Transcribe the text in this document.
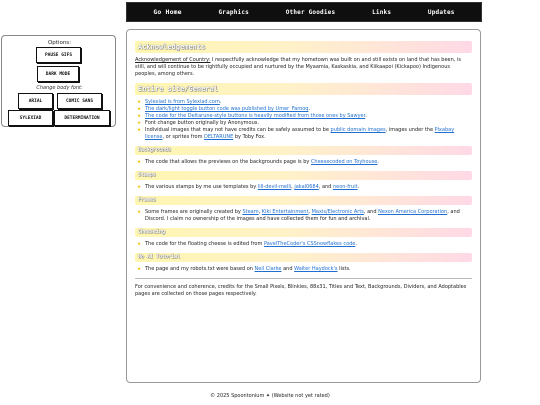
Go Home	Graphics	Other Goodies	Links	Updates
Options:
PAUSE GIFS
DARK MODE
Change body font:
ARIAL	COMIC SANS
SYLEXIAD	DETERMINATION
Acknowledgements

Acknowledgement of Country: I respectfully acknowledge that my hometown was built on and still exists on land that has been, is still, and will continue to be rightfully occupied and nurtured by the Myaamia, Kaskaskia, and Kiikaapoi (Kickapoo) Indigenous peoples, among others.

Entire site/General
★ Sylexiad is from Sylexiad.com.
★ The dark/light toggle button code was published by Umer_Farooq.
★ The code for the Deltarune-style buttons is heavily modified from those ones by Sawyer.
★ Font change button originally by Anonymous.
★ Individual images that may not have credits can be safely assumed to be public domain images, images under the Pixabay license, or sprites from DELTARUNE by Toby Fox.
Backgrounds
★ The code that allows the previews on the backgrounds page is by Cheesecoded on Toyhouse.
Stamps
★ The various stamps by me use templates by lill-devil-melli, jakal0684, and neon-fruit.
Frames
★ Some frames are originally created by Steam, Kiki Entertainment, Maxis/Electronic Arts, and Nexon America Corporation, and Discord. I claim no ownership of the images and have collected them for fun and archival.
Cheeseing
★ The code for the floating cheese is edited from PavelTheCoder's CSSnowflakes code.
No AI Tutorial
★ The page and my robots.txt were based on Neil Clarke and Walter Haydock's lists.

For convenience and coherence, credits for the Small Pixels, Blinkies, 88x31, Titles and Text, Backgrounds, Dividers, and Adoptables pages are collected on those pages respectively.

© 2025 Spoontonium ✦ (Website not yet rated)
